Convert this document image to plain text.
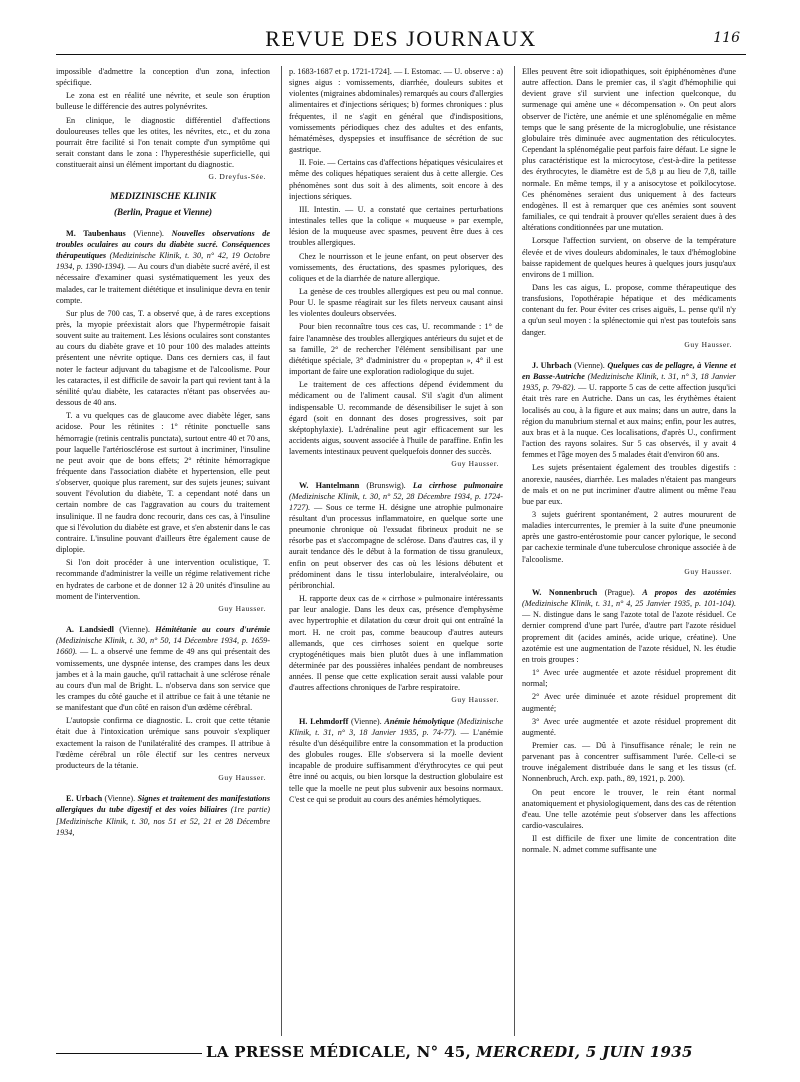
REVUE DES JOURNAUX	116

impossible d'admettre la conception d'un zona, infection spécifique.

Le zona est en réalité une névrite, et seule son éruption bulleuse le différencie des autres polynévrites.

En clinique, le diagnostic différentiel d'affections douloureuses telles que les otites, les névrites, etc., et du zona pourrait être facilité si l'on tenait compte d'un symptôme qui serait constant dans le zona : l'hyperesthésie superficielle, qui constituerait ainsi un élément important du diagnostic.

G. Dreyfus-Sée.
MEDIZINISCHE KLINIK
(Berlin, Prague et Vienne)

M. Taubenhaus (Vienne). Nouvelles observations de troubles oculaires au cours du diabète sucré. Conséquences thérapeutiques (Medizinische Klinik, t. 30, n° 42, 19 Octobre 1934, p. 1390-1394). — Au cours d'un diabète sucré avéré, il est nécessaire d'examiner quasi systématiquement les yeux des malades, car le traitement diététique et insulinique devra en tenir compte.

Sur plus de 700 cas, T. a observé que, à de rares exceptions près, la myopie préexistait alors que l'hypermétropie faisait souvent suite au traitement. Les lésions oculaires sont constantes au cours du diabète grave et 10 pour 100 des malades atteints présentent une névrite optique. Dans ces derniers cas, il faut noter le facteur adjuvant du tabagisme et de l'alcoolisme. Pour les cataractes, il est difficile de savoir la part qui revient tant à la sénilité qu'au diabète, les cataractes n'étant pas observées au-dessous de 40 ans.

T. a vu quelques cas de glaucome avec diabète léger, sans acidose. Pour les rétinites : 1° rétinite ponctuelle sans hémorragie (retinis centralis punctata), surtout entre 40 et 70 ans, pour laquelle l'artériosclérose est surtout à incriminer, l'insuline ne peut avoir que de bons effets; 2° rétinite hémorragique fréquente dans l'association diabète et hypertension, elle peut s'observer, quoique plus rarement, sur des sujets jeunes; suivant souvent l'évolution du diabète, T. a cependant noté dans un certain nombre de cas l'aggravation au cours du traitement insulinique. Il ne faudra donc recourir, dans ces cas, à l'insuline que si l'évolution du diabète est grave, et s'en abstenir dans le cas contraire. L'insuline pouvant d'ailleurs être également cause de diplopie.

Si l'on doit procéder à une intervention oculistique, T. recommande d'administrer la veille un régime relativement riche en hydrates de carbone et de donner 12 à 20 unités d'insuline au moment de l'intervention.

Guy Hausser.

A. Landsiedl (Vienne). Hémitétanie au cours d'urémie (Medizinische Klinik, t. 30, n° 50, 14 Décembre 1934, p. 1659-1660). — L. a observé une femme de 49 ans qui présentait des vomissements, une dyspnée intense, des crampes dans les deux jambes et à la main gauche, qu'il rattachait à une sclérose rénale au cours d'un mal de Bright. L. n'observa dans son service que les crampes du côté gauche et il attribue ce fait à une tétanie ne se manifestant que d'un côté en raison d'un œdème cérébral.

L'autopsie confirma ce diagnostic. L. croit que cette tétanie était due à l'intoxication urémique sans pouvoir s'expliquer exactement la raison de l'unilatéralité des crampes. Il attribue à l'œdème cérébral un rôle électif sur les centres nerveux producteurs de la tétanie.

Guy Hausser.

E. Urbach (Vienne). Signes et traitement des manifestations allergiques du tube digestif et des voies biliaires (1re partie) [Medizinische Klinik, t. 30, nos 51 et 52, 21 et 28 Décembre 1934,

p. 1683-1687 et p. 1721-1724]. — I. Estomac. — U. observe : a) signes aigus : vomissements, diarrhée, douleurs subites et violentes (migraines abdominales) remarqués au cours d'allergies alimentaires et d'injections sériques; b) formes chroniques : plus fréquentes, il ne s'agit en général que d'indispositions, vomissements périodiques chez des adultes et des enfants, hématémèses, dyspepsies et insuffisance de sécrétion de suc gastrique.

II. Foie. — Certains cas d'affections hépatiques vésiculaires et même des coliques hépatiques seraient dus à cette allergie. Ces phénomènes sont dus soit à des aliments, soit encore à des injections sériques.

III. Intestin. — U. a constaté que certaines perturbations intestinales telles que la colique « muqueuse » par exemple, lésion de la muqueuse avec spasmes, peuvent être dues à ces troubles allergiques.

Chez le nourrisson et le jeune enfant, on peut observer des vomissements, des éructations, des spasmes pyloriques, des coliques et de la diarrhée de nature allergique.

La genèse de ces troubles allergiques est peu ou mal connue. Pour U. le spasme réagirait sur les filets nerveux causant ainsi les violentes douleurs observées.

Pour bien reconnaître tous ces cas, U. recommande : 1° de faire l'anamnèse des troubles allergiques antérieurs du sujet et de sa famille, 2° de rechercher l'élément sensibilisant par une diététique spéciale, 3° d'administrer du « propeptan », 4° il est important de faire une exploration radiologique du sujet.

Le traitement de ces affections dépend évidemment du médicament ou de l'aliment causal. S'il s'agit d'un aliment indispensable U. recommande de désensibiliser le sujet à son égard (soit en donnant des doses progressives, soit par sképtophylaxie). L'adrénaline peut agir efficacement sur les accidents aigus, souvent associée à l'huile de paraffine. Enfin les lavements intestinaux peuvent quelquefois donner des succès.

Guy Hausser.

W. Hantelmann (Brunswig). La cirrhose pulmonaire (Medizinische Klinik, t. 30, n° 52, 28 Décembre 1934, p. 1724-1727). — Sous ce terme H. désigne une atrophie pulmonaire résultant d'un processus inflammatoire, en quelque sorte une pneumonie chronique où l'exsudat fibrineux produit ne se résorbe pas et s'accompagne de sclérose. Dans d'autres cas, il y aurait tendance dès le début à la formation de tissu granuleux, enfin on peut observer des cas où les lésions débutent et prédominent dans le tissu interlobulaire, interalvéolaire, ou péribronchial.

H. rapporte deux cas de « cirrhose » pulmonaire intéressants par leur analogie. Dans les deux cas, présence d'emphysème avec hypertrophie et dilatation du cœur droit qui ont entraîné la mort. H. ne croit pas, comme beaucoup d'autres auteurs allemands, que ces cirrhoses soient en quelque sorte cryptogénétiques mais bien plutôt dues à une inflammation déterminée par des poussières inhalées pendant de nombreuses années. Il pense que cette explication serait aussi valable pour d'autres affections chroniques de l'arbre respiratoire.

Guy Hausser.

H. Lehmdorff (Vienne). Anémie hémolytique (Medizinische Klinik, t. 31, n° 3, 18 Janvier 1935, p. 74-77). — L'anémie résulte d'un déséquilibre entre la consommation et la production des globules rouges. Elle s'observera si la moelle devient incapable de produire suffisamment d'érythrocytes ce qui peut être inné ou acquis, ou bien lorsque la destruction globulaire est telle que la moelle ne peut plus subvenir aux besoins normaux. C'est ce qui se produit au cours des anémies hémolytiques.

Elles peuvent être soit idiopathiques, soit épiphénomènes d'une autre affection. Dans le premier cas, il s'agit d'hémophilie qui devient grave s'il survient une infection quelconque, du surmenage qui amène une « décompensation ». On peut alors observer de l'ictère, une anémie et une splénomégalie en même temps que le sang présente de la microglobulie, une résistance globulaire très diminuée avec augmentation des réticulocytes. Cependant la splénomégalie peut parfois faire défaut. Le signe le plus caractéristique est la microcytose, c'est-à-dire la petitesse des érythrocytes, le diamètre est de 5,8 µ au lieu de 7,8, taille normale. En même temps, il y a anisocytose et poïkilocytose. Ces phénomènes seraient dus uniquement à des facteurs endogènes. Il est à remarquer que ces anémies sont souvent familiales, ce qui tendrait à prouver qu'elles seraient dues à des altérations conditionnées par une mutation.

Lorsque l'affection survient, on observe de la température élevée et de vives douleurs abdominales, le taux d'hémoglobine baisse rapidement de quelques heures à quelques jours jusqu'aux environs de 1 million.

Dans les cas aigus, L. propose, comme thérapeutique des transfusions, l'opothérapie hépatique et des médicaments contenant du fer. Pour éviter ces crises aiguës, L. pense qu'il n'y a qu'un seul moyen : la splénectomie qui n'est pas toutefois sans danger.

Guy Hausser.

J. Uhrbach (Vienne). Quelques cas de pellagre, à Vienne et en Basse-Autriche (Medizinische Klinik, t. 31, n° 3, 18 Janvier 1935, p. 79-82). — U. rapporte 5 cas de cette affection jusqu'ici était très rare en Autriche. Dans un cas, les érythèmes étaient localisés au cou, à la figure et aux mains; dans un autre, dans la région du manubrium sternal et aux mains; enfin, pour les autres, aux bras et à la nuque. Ces localisations, d'après U., confirment l'action des rayons solaires. Sur 5 cas observés, il y avait 4 femmes et l'âge moyen des 5 malades était d'environ 60 ans.

Les sujets présentaient également des troubles digestifs : anorexie, nausées, diarrhée. Les malades n'étaient pas mangeurs de maïs et on ne put incriminer d'autre aliment ou même l'eau bue par eux.

3 sujets guérirent spontanément, 2 autres moururent de maladies intercurrentes, le premier à la suite d'une pneumonie après une gastro-entérostomie pour cancer pylorique, le second par cachexie terminale d'une tuberculose chronique associée à de l'alcoolisme.

Guy Hausser.

W. Nonnenbruch (Prague). A propos des azotémies (Medizinische Klinik, t. 31, n° 4, 25 Janvier 1935, p. 101-104). — N. distingue dans le sang l'azote total de l'azote résiduel. Ce dernier comprend d'une part l'urée, d'autre part l'azote résiduel proprement dit (acides aminés, acide urique, créatine). Une azotémie est une augmentation de l'azote résiduel, N. les étudie en trois groupes :

1° Avec urée augmentée et azote résiduel proprement dit normal;

2° Avec urée diminuée et azote résiduel proprement dit augmenté;

3° Avec urée augmentée et azote résiduel proprement dit augmenté.

Premier cas. — Dû à l'insuffisance rénale; le rein ne parvenant pas à concentrer suffisamment l'urée. Celle-ci se trouve inégalement distribuée dans le sang et les tissus (cf. Nonnenbruch, Arch. exp. path., 89, 1921, p. 200).

On peut encore le trouver, le rein étant normal anatomiquement et physiologiquement, dans des cas de rétention d'eau. Une telle azotémie peut s'observer dans les affections cardio-vasculaires.

Il est difficile de fixer une limite de concentration dite normale. N. admet comme suffisante une

LA PRESSE MÉDICALE, N° 45, MERCREDI, 5 JUIN 1935
